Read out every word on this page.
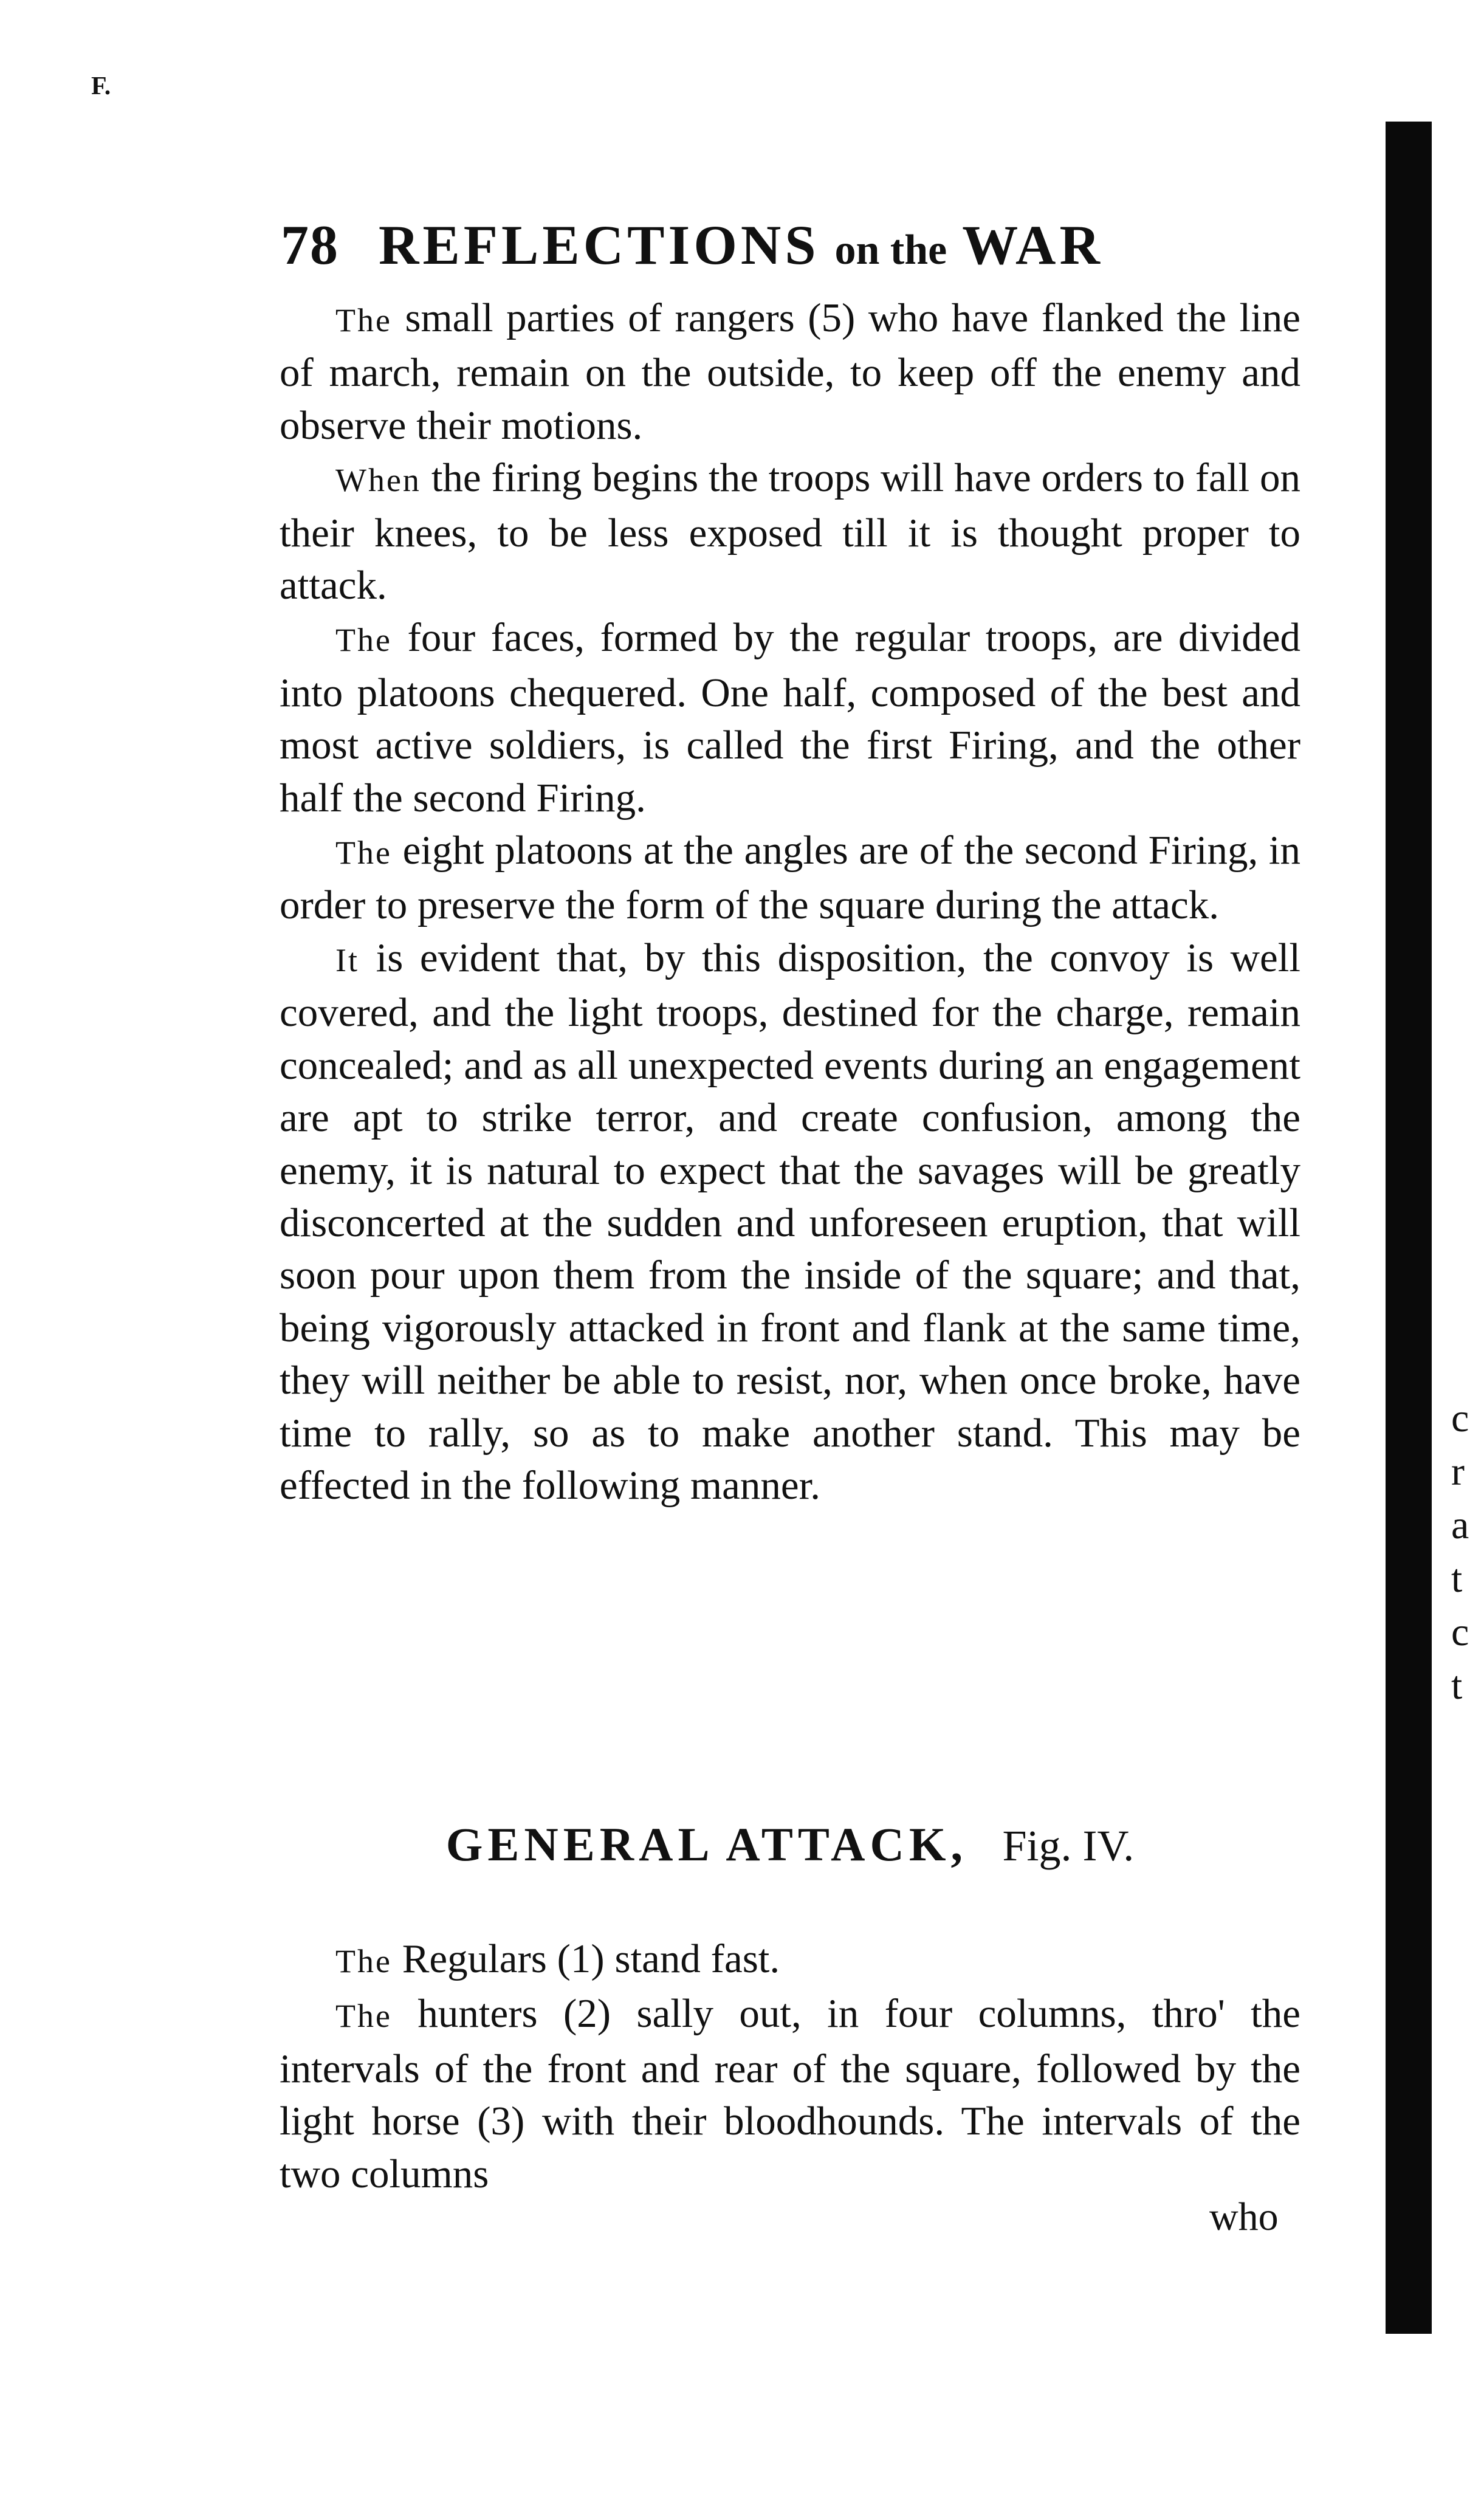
F.
78 REFLECTIONS on the WAR

The small parties of rangers (5) who have flanked the line of march, remain on the outside, to keep off the enemy and observe their motions.

When the firing begins the troops will have orders to fall on their knees, to be less exposed till it is thought proper to attack.

The four faces, formed by the regular troops, are divided into platoons chequered. One half, composed of the best and most active soldiers, is called the first Firing, and the other half the second Firing.

The eight platoons at the angles are of the second Firing, in order to preserve the form of the square during the attack.

It is evident that, by this disposition, the convoy is well covered, and the light troops, destined for the charge, remain concealed; and as all unexpected events during an engagement are apt to strike terror, and create confusion, among the enemy, it is natural to expect that the savages will be greatly disconcerted at the sudden and unforeseen eruption, that will soon pour upon them from the inside of the square; and that, being vigorously attacked in front and flank at the same time, they will neither be able to resist, nor, when once broke, have time to rally, so as to make another stand. This may be effected in the following manner.

GENERAL ATTACK, Fig. IV.

The Regulars (1) stand fast.

The hunters (2) sally out, in four columns, thro' the intervals of the front and rear of the square, followed by the light horse (3) with their bloodhounds. The intervals of the two columns

who
c
r
a
t
c
t
